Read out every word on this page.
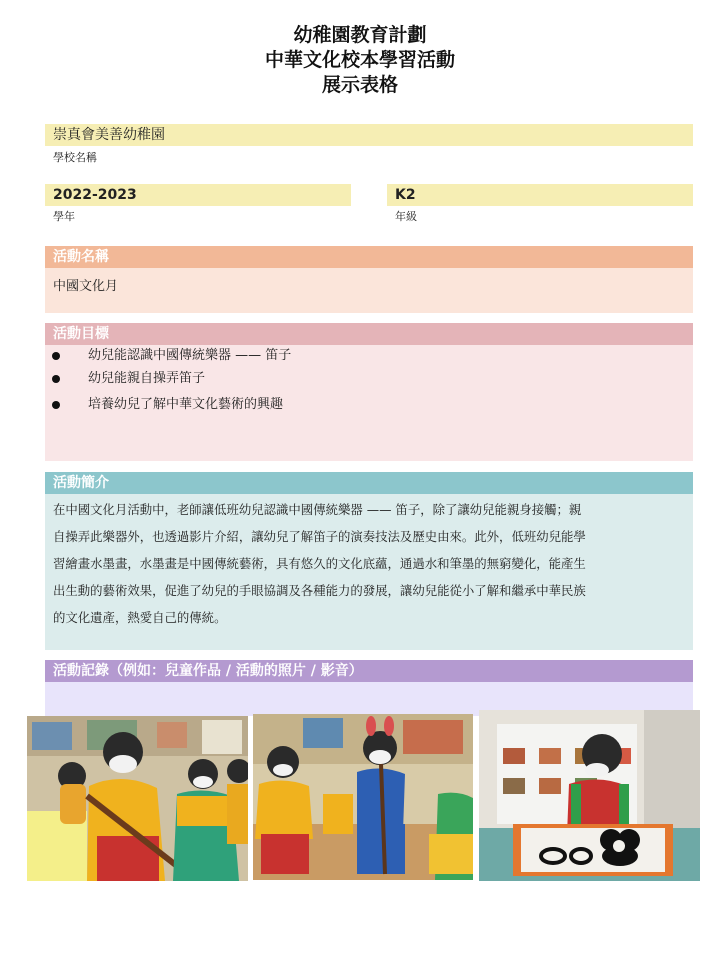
幼稚園教育計劃
中華文化校本學習活動
展示表格
崇真會美善幼稚園
學校名稱
2022-2023
學年
K2
年級
活動名稱
中國文化月
活動目標
幼兒能認識中國傳統樂器 —— 笛子
幼兒能親自操弄笛子
培養幼兒了解中華文化藝術的興趣
活動簡介
在中國文化月活動中，老師讓低班幼兒認識中國傳統樂器 —— 笛子，除了讓幼兒能親身接觸；親
自操弄此樂器外，也透過影片介紹，讓幼兒了解笛子的演奏技法及歷史由來。此外，低班幼兒能學
習繪畫水墨畫，水墨畫是中國傳統藝術，具有悠久的文化底蘊，通過水和筆墨的無窮變化，能產生
出生動的藝術效果，促進了幼兒的手眼協調及各種能力的發展，讓幼兒能從小了解和繼承中華民族
的文化遺產，熱愛自己的傳統。
活動記錄（例如：兒童作品 / 活動的照片 / 影音）
